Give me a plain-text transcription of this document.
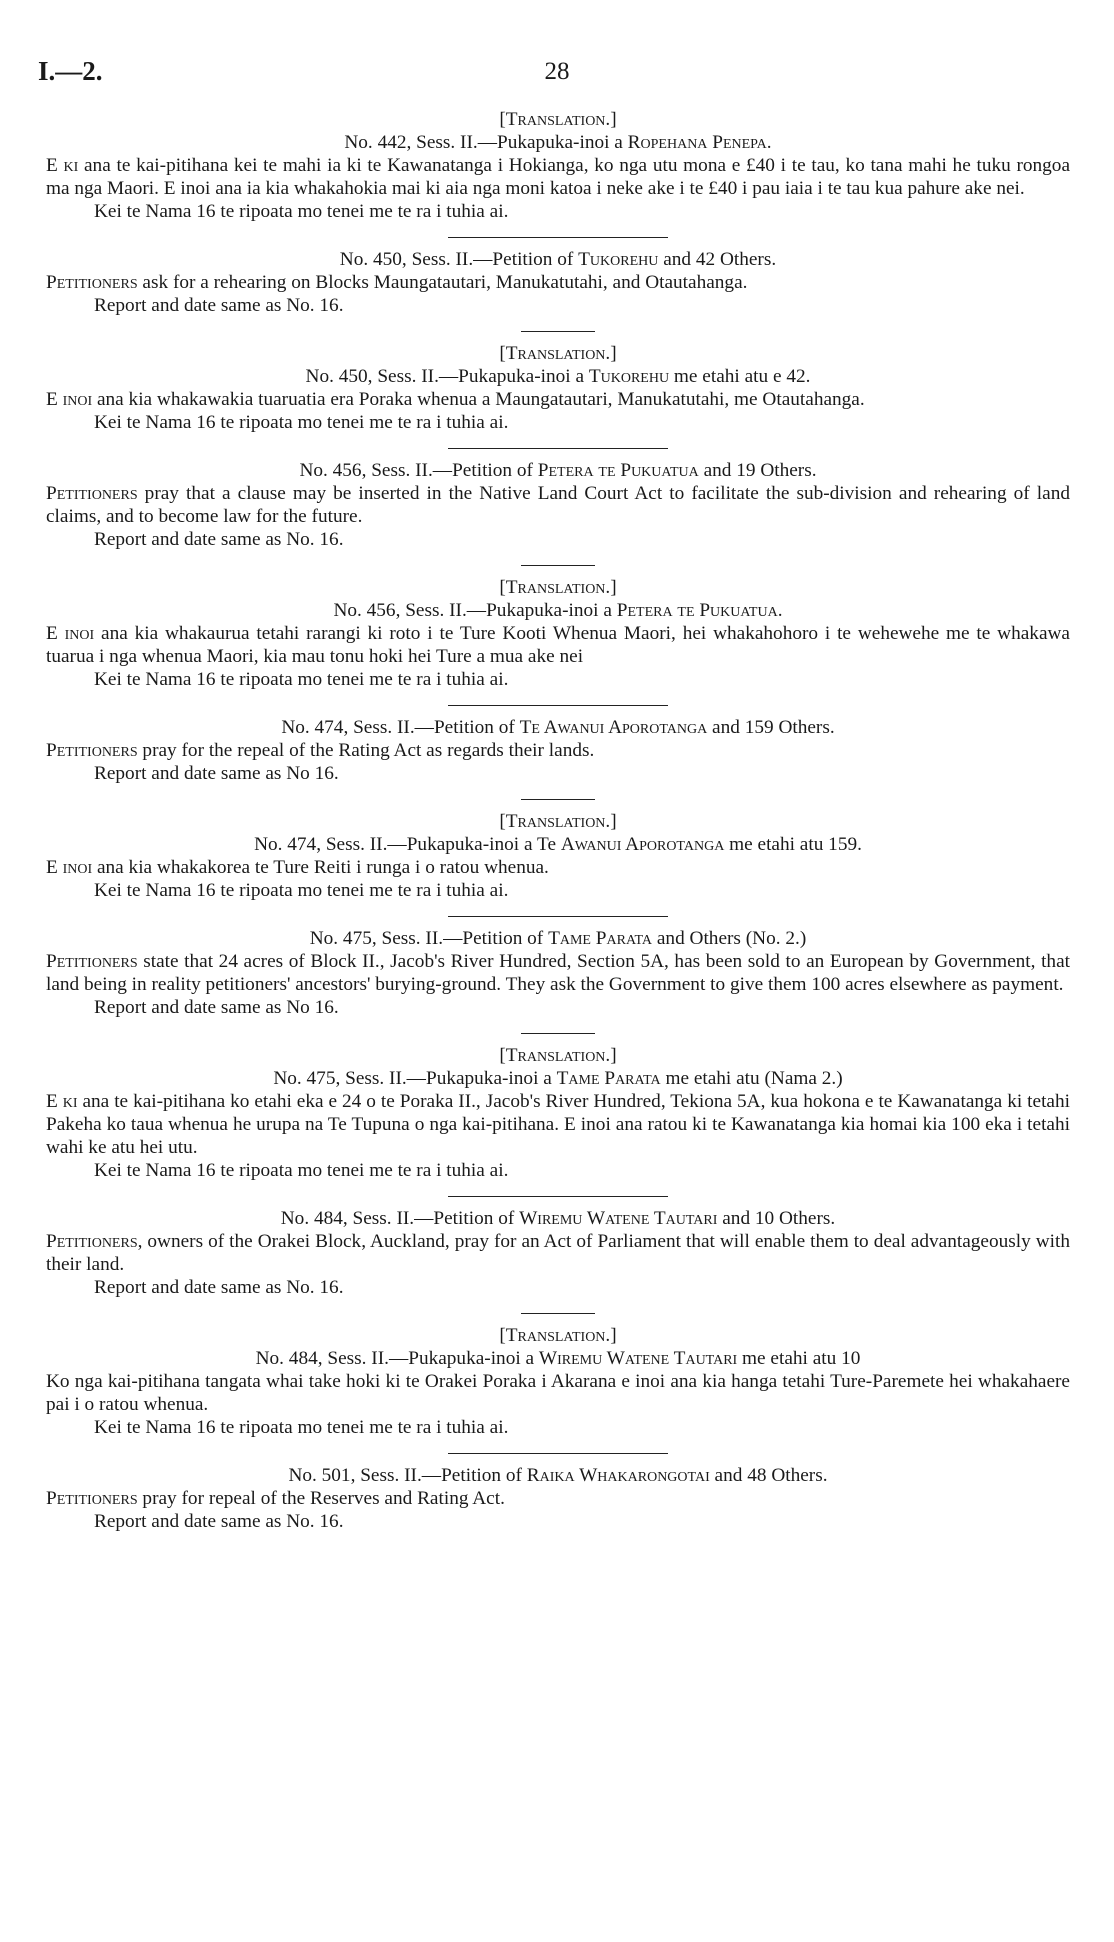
I.—2.	28
[Translation.]
No. 442, Sess. II.—Pukapuka-inoi a Ropehana Penepa.
E ki ana te kai-pitihana kei te mahi ia ki te Kawanatanga i Hokianga, ko nga utu mona e £40 i te tau, ko tana mahi he tuku rongoa ma nga Maori. E inoi ana ia kia whakahokia mai ki aia nga moni katoa i neke ake i te £40 i pau iaia i te tau kua pahure ake nei.
Kei te Nama 16 te ripoata mo tenei me te ra i tuhia ai.
No. 450, Sess. II.—Petition of Tukorehu and 42 Others.
Petitioners ask for a rehearing on Blocks Maungatautari, Manukatutahi, and Otautahanga.
Report and date same as No. 16.
[Translation.]
No. 450, Sess. II.—Pukapuka-inoi a Tukorehu me etahi atu e 42.
E inoi ana kia whakawakia tuaruatia era Poraka whenua a Maungatautari, Manukatutahi, me Otautahanga.
Kei te Nama 16 te ripoata mo tenei me te ra i tuhia ai.
No. 456, Sess. II.—Petition of Petera te Pukuatua and 19 Others.
Petitioners pray that a clause may be inserted in the Native Land Court Act to facilitate the sub-division and rehearing of land claims, and to become law for the future.
Report and date same as No. 16.
[Translation.]
No. 456, Sess. II.—Pukapuka-inoi a Petera te Pukuatua.
E inoi ana kia whakaurua tetahi rarangi ki roto i te Ture Kooti Whenua Maori, hei whakahohoro i te wehewehe me te whakawa tuarua i nga whenua Maori, kia mau tonu hoki hei Ture a mua ake nei
Kei te Nama 16 te ripoata mo tenei me te ra i tuhia ai.
No. 474, Sess. II.—Petition of Te Awanui Aporotanga and 159 Others.
Petitioners pray for the repeal of the Rating Act as regards their lands.
Report and date same as No 16.
[Translation.]
No. 474, Sess. II.—Pukapuka-inoi a Te Awanui Aporotanga me etahi atu 159.
E inoi ana kia whakakorea te Ture Reiti i runga i o ratou whenua.
Kei te Nama 16 te ripoata mo tenei me te ra i tuhia ai.
No. 475, Sess. II.—Petition of Tame Parata and Others (No. 2.)
Petitioners state that 24 acres of Block II., Jacob's River Hundred, Section 5A, has been sold to an European by Government, that land being in reality petitioners' ancestors' burying-ground. They ask the Government to give them 100 acres elsewhere as payment.
Report and date same as No 16.
[Translation.]
No. 475, Sess. II.—Pukapuka-inoi a Tame Parata me etahi atu (Nama 2.)
E ki ana te kai-pitihana ko etahi eka e 24 o te Poraka II., Jacob's River Hundred, Tekiona 5A, kua hokona e te Kawanatanga ki tetahi Pakeha ko taua whenua he urupa na Te Tupuna o nga kai-pitihana. E inoi ana ratou ki te Kawanatanga kia homai kia 100 eka i tetahi wahi ke atu hei utu.
Kei te Nama 16 te ripoata mo tenei me te ra i tuhia ai.
No. 484, Sess. II.—Petition of Wiremu Watene Tautari and 10 Others.
Petitioners, owners of the Orakei Block, Auckland, pray for an Act of Parliament that will enable them to deal advantageously with their land.
Report and date same as No. 16.
[Translation.]
No. 484, Sess. II.—Pukapuka-inoi a Wiremu Watene Tautari me etahi atu 10
Ko nga kai-pitihana tangata whai take hoki ki te Orakei Poraka i Akarana e inoi ana kia hanga tetahi Ture-Paremete hei whakahaere pai i o ratou whenua.
Kei te Nama 16 te ripoata mo tenei me te ra i tuhia ai.
No. 501, Sess. II.—Petition of Raika Whakarongotai and 48 Others.
Petitioners pray for repeal of the Reserves and Rating Act.
Report and date same as No. 16.
